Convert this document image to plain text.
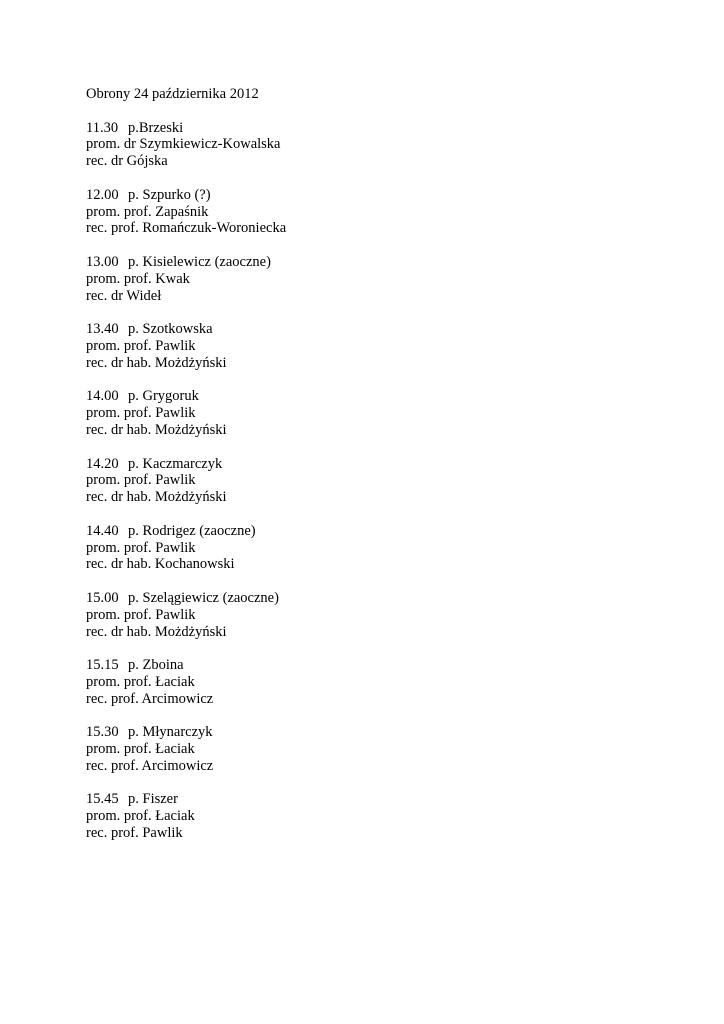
Obrony 24 października 2012
11.30 p.Brzeski
prom. dr Szymkiewicz-Kowalska
rec. dr Gójska
12.00 p. Szpurko (?)
prom. prof. Zapaśnik
rec. prof. Romańczuk-Woroniecka
13.00 p. Kisielewicz (zaoczne)
prom. prof. Kwak
rec. dr Wideł
13.40 p. Szotkowska
prom. prof. Pawlik
rec. dr hab. Możdżyński
14.00 p. Grygoruk
prom. prof. Pawlik
rec. dr hab. Możdżyński
14.20 p. Kaczmarczyk
prom. prof. Pawlik
rec. dr hab. Możdżyński
14.40 p. Rodrigez (zaoczne)
prom. prof. Pawlik
rec. dr hab. Kochanowski
15.00 p. Szelągiewicz (zaoczne)
prom. prof. Pawlik
rec. dr hab. Możdżyński
15.15 p. Zboina
prom. prof. Łaciak
rec. prof. Arcimowicz
15.30 p. Młynarczyk
prom. prof. Łaciak
rec. prof. Arcimowicz
15.45 p. Fiszer
prom. prof. Łaciak
rec. prof. Pawlik
